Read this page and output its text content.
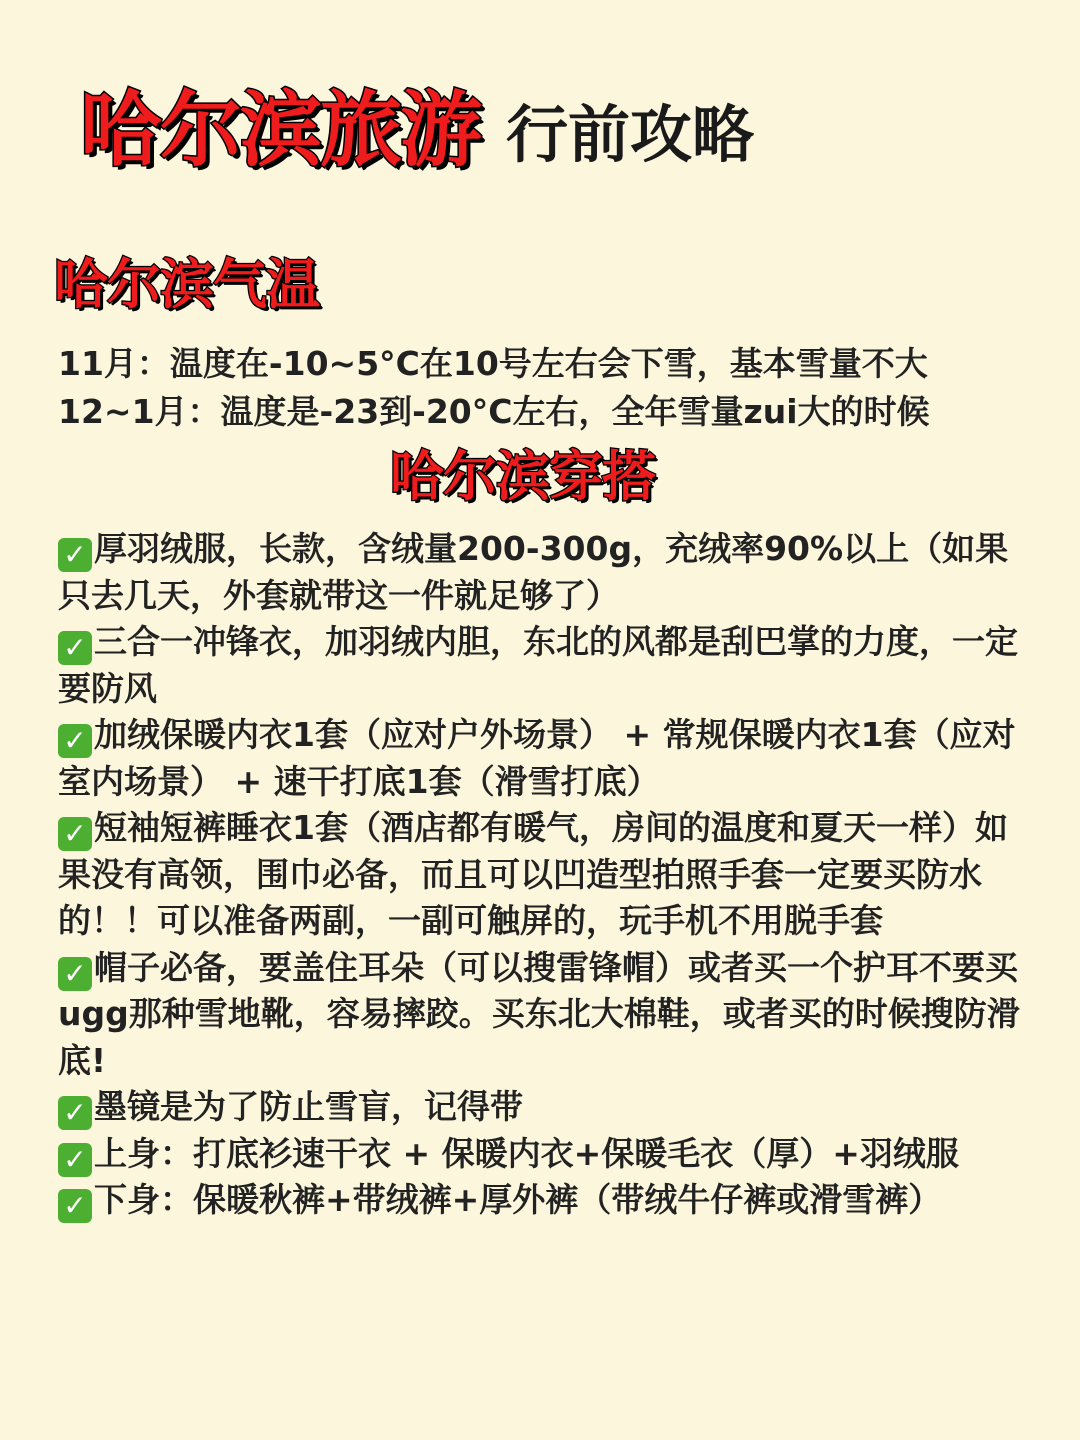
哈尔滨旅游 行前攻略
哈尔滨气温

11月：温度在-10~5°C在10号左右会下雪，基本雪量不大

12~1月：温度是-23到-20°C左右，全年雪量zui大的时候

哈尔滨穿搭
✓ 厚羽绒服，长款，含绒量200-300g，充绒率90%以上（如果只去几天，外套就带这一件就足够了）
✓ 三合一冲锋衣，加羽绒内胆，东北的风都是刮巴掌的力度，一定要防风
✓ 加绒保暖内衣1套（应对户外场景） + 常规保暖内衣1套（应对室内场景） + 速干打底1套（滑雪打底）
✓ 短袖短裤睡衣1套（酒店都有暖气，房间的温度和夏天一样）如果没有高领，围巾必备，而且可以凹造型拍照手套一定要买防水的！！可以准备两副，一副可触屏的，玩手机不用脱手套
✓ 帽子必备，要盖住耳朵（可以搜雷锋帽）或者买一个护耳不要买ugg那种雪地靴，容易摔跤。买东北大棉鞋，或者买的时候搜防滑底!
✓ 墨镜是为了防止雪盲，记得带
✓ 上身：打底衫速干衣 + 保暖内衣+保暖毛衣（厚）+羽绒服
✓ 下身：保暖秋裤+带绒裤+厚外裤（带绒牛仔裤或滑雪裤）
